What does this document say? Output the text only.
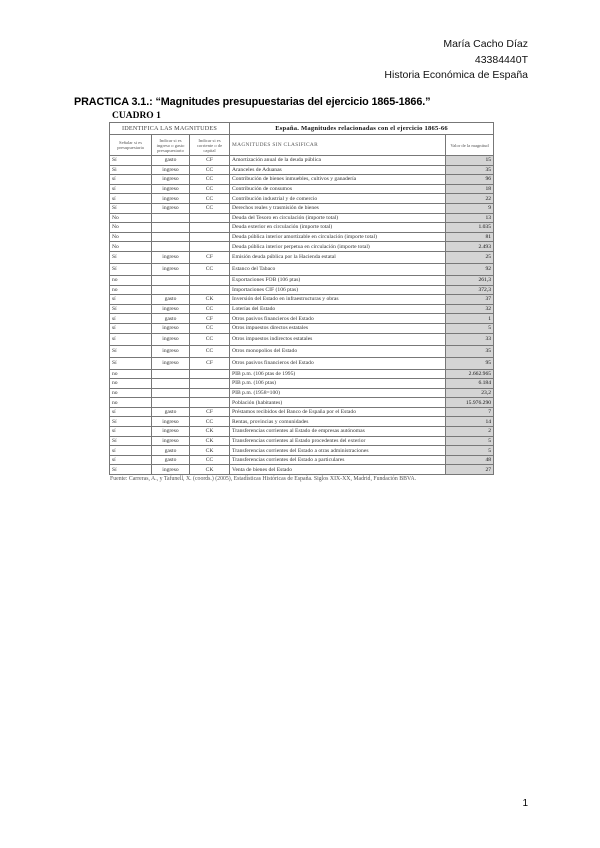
María Cacho Díaz
43384440T
Historia Económica de España
PRACTICA 3.1.: “Magnitudes presupuestarias del ejercicio 1865-1866.”
CUADRO 1
IDENTIFICA LAS MAGNITUDES			España. Magnitudes relacionadas con el ejercicio 1865-66	
Señalar si es presupuestaria	Indicar si es ingreso o gasto presupuestario	Indicar si es corriente o de capital	MAGNITUDES SIN CLASIFICAR	Valor de la magnitud
Sí	gasto	CF	Amortización anual de la deuda pública	15
Si	ingreso	CC	Aranceles de Aduanas	35
sí	ingreso	CC	Contribución de bienes inmuebles, cultivos y ganadería	96
sí	ingreso	CC	Contribución de consumos	18
sí	ingreso	CC	Contribución industrial y de comercio	22
Sí	ingreso	CC	Derechos reales y trasmisión de bienes	9
No			Deuda del Tesoro en circulación (importe total)	13
No			Deuda exterior en circulación (importe total)	1.035
No			Deuda pública interior amortizable en circulación (importe total)	81
No			Deuda pública interior perpetua en circulación (importe total)	2.493
Sí	ingreso	CF	Emisión deuda pública por la Hacienda estatal	25
Sí	ingreso	CC	Estanco del Tabaco	92
no			Exportaciones FOB (106 ptas)	261,3
no			Importaciones CIF (106 ptas)	372,3
sí	gasto	CK	Inversión del Estado en infraestructuras y obras	37
Sí	ingreso	CC	Loterías del Estado	32
sí	gasto	CF	Otros pasivos financieros del Estado	1
sí	ingreso	CC	Otros impuestos directos estatales	5
sí	ingreso	CC	Otros impuestos indirectos estatales	33
Sí	ingreso	CC	Otros monopolios del Estado	35
Sí	ingreso	CF	Otros pasivos financieros del Estado	95
no			PIB p.m. (106 ptas de 1995)	2.662.965
no			PIB p.m. (106 ptas)	6.184
no			PIB p.m. (1958=100)	23,2
no			Población (habitantes)	15.976.290
sí	gasto	CF	Préstamos recibidos del Banco de España por el Estado	7
Sí	ingreso	CC	Rentas, provincias y comunidades	14
sí	ingreso	CK	Transferencias corrientes al Estado de empresas autónomas	2
Sí	ingreso	CK	Transferencias corrientes al Estado procedentes del exterior	5
sí	gasto	CK	Transferencias corrientes del Estado a otras administraciones	5
sí	gasto	CC	Transferencias corrientes del Estado a particulares	48
Sí	ingreso	CK	Venta de bienes del Estado	27
Fuente: Carreras, A., y Tafunell, X. (coords.) (2005), Estadísticas Históricas de España. Siglos XIX-XX, Madrid, Fundación BBVA.
1
